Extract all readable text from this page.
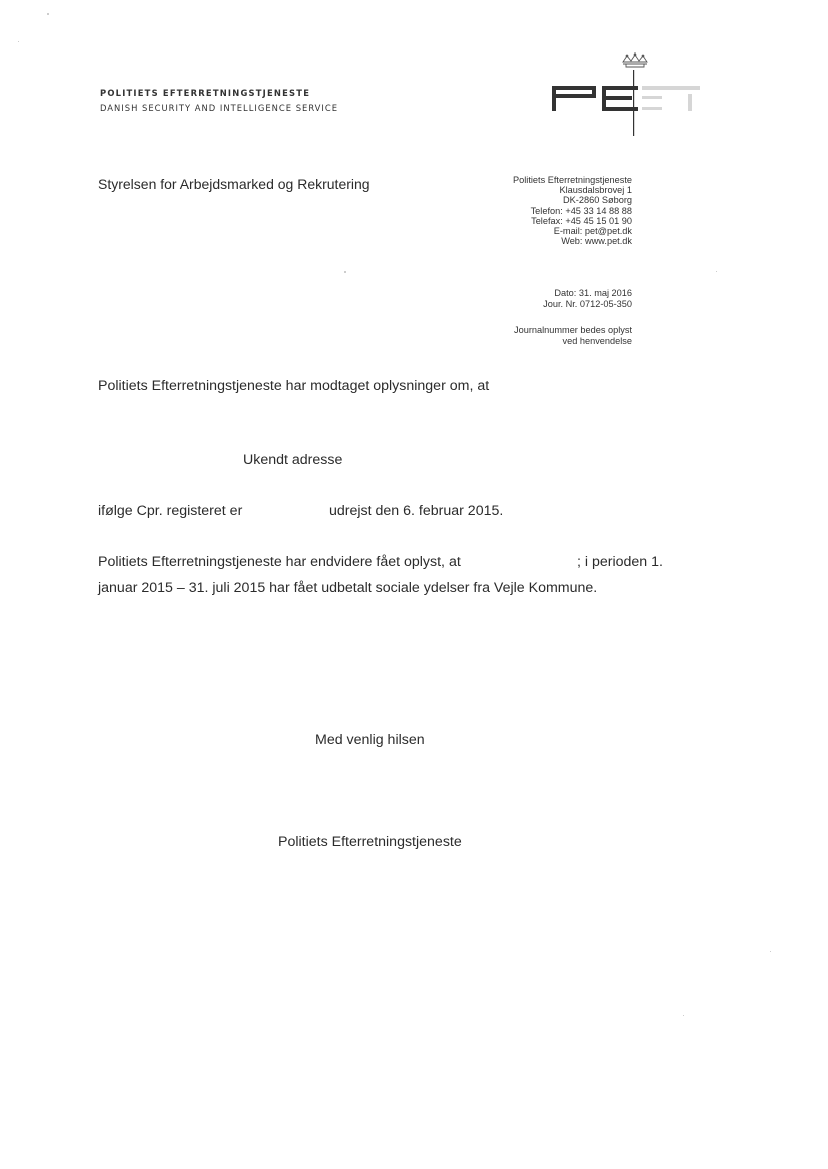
POLITIETS EFTERRETNINGSTJENESTE
DANISH SECURITY AND INTELLIGENCE SERVICE
Styrelsen for Arbejdsmarked og Rekrutering	Politiets Efterretningstjeneste
Klausdalsbrovej 1
DK-2860 Søborg
Telefon: +45 33 14 88 88
Telefax: +45 45 15 01 90
E-mail: pet@pet.dk
Web: www.pet.dk
Dato: 31. maj 2016
Jour. Nr. 0712-05-350
Journalnummer bedes oplyst
ved henvendelse
Politiets Efterretningstjeneste har modtaget oplysninger om, at
Ukendt adresse
ifølge Cpr. registeret er	udrejst den 6. februar 2015.
Politiets Efterretningstjeneste har endvidere fået oplyst, at	; i perioden 1.
januar 2015 – 31. juli 2015 har fået udbetalt sociale ydelser fra Vejle Kommune.
Med venlig hilsen
Politiets Efterretningstjeneste
